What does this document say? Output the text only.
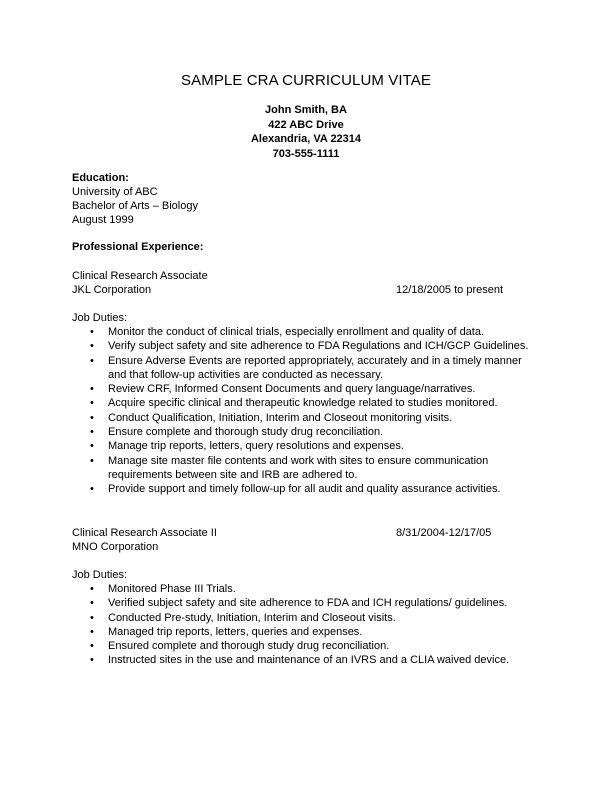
SAMPLE CRA CURRICULUM VITAE
John Smith, BA
422 ABC Drive
Alexandria, VA 22314
703-555-1111
Education:
University of ABC
Bachelor of Arts – Biology
August 1999
Professional Experience:
Clinical Research Associate
JKL Corporation	12/18/2005 to present
Job Duties:
• Monitor the conduct of clinical trials, especially enrollment and quality of data.
• Verify subject safety and site adherence to FDA Regulations and ICH/GCP Guidelines.
• Ensure Adverse Events are reported appropriately, accurately and in a timely manner and that follow-up activities are conducted as necessary.
• Review CRF, Informed Consent Documents and query language/narratives.
• Acquire specific clinical and therapeutic knowledge related to studies monitored.
• Conduct Qualification, Initiation, Interim and Closeout monitoring visits.
• Ensure complete and thorough study drug reconciliation.
• Manage trip reports, letters, query resolutions and expenses.
• Manage site master file contents and work with sites to ensure communication requirements between site and IRB are adhered to.
• Provide support and timely follow-up for all audit and quality assurance activities.
Clinical Research Associate II	8/31/2004-12/17/05
MNO Corporation
Job Duties:
• Monitored Phase III Trials.
• Verified subject safety and site adherence to FDA and ICH regulations/ guidelines.
• Conducted Pre-study, Initiation, Interim and Closeout visits.
• Managed trip reports, letters, queries and expenses.
• Ensured complete and thorough study drug reconciliation.
• Instructed sites in the use and maintenance of an IVRS and a CLIA waived device.
